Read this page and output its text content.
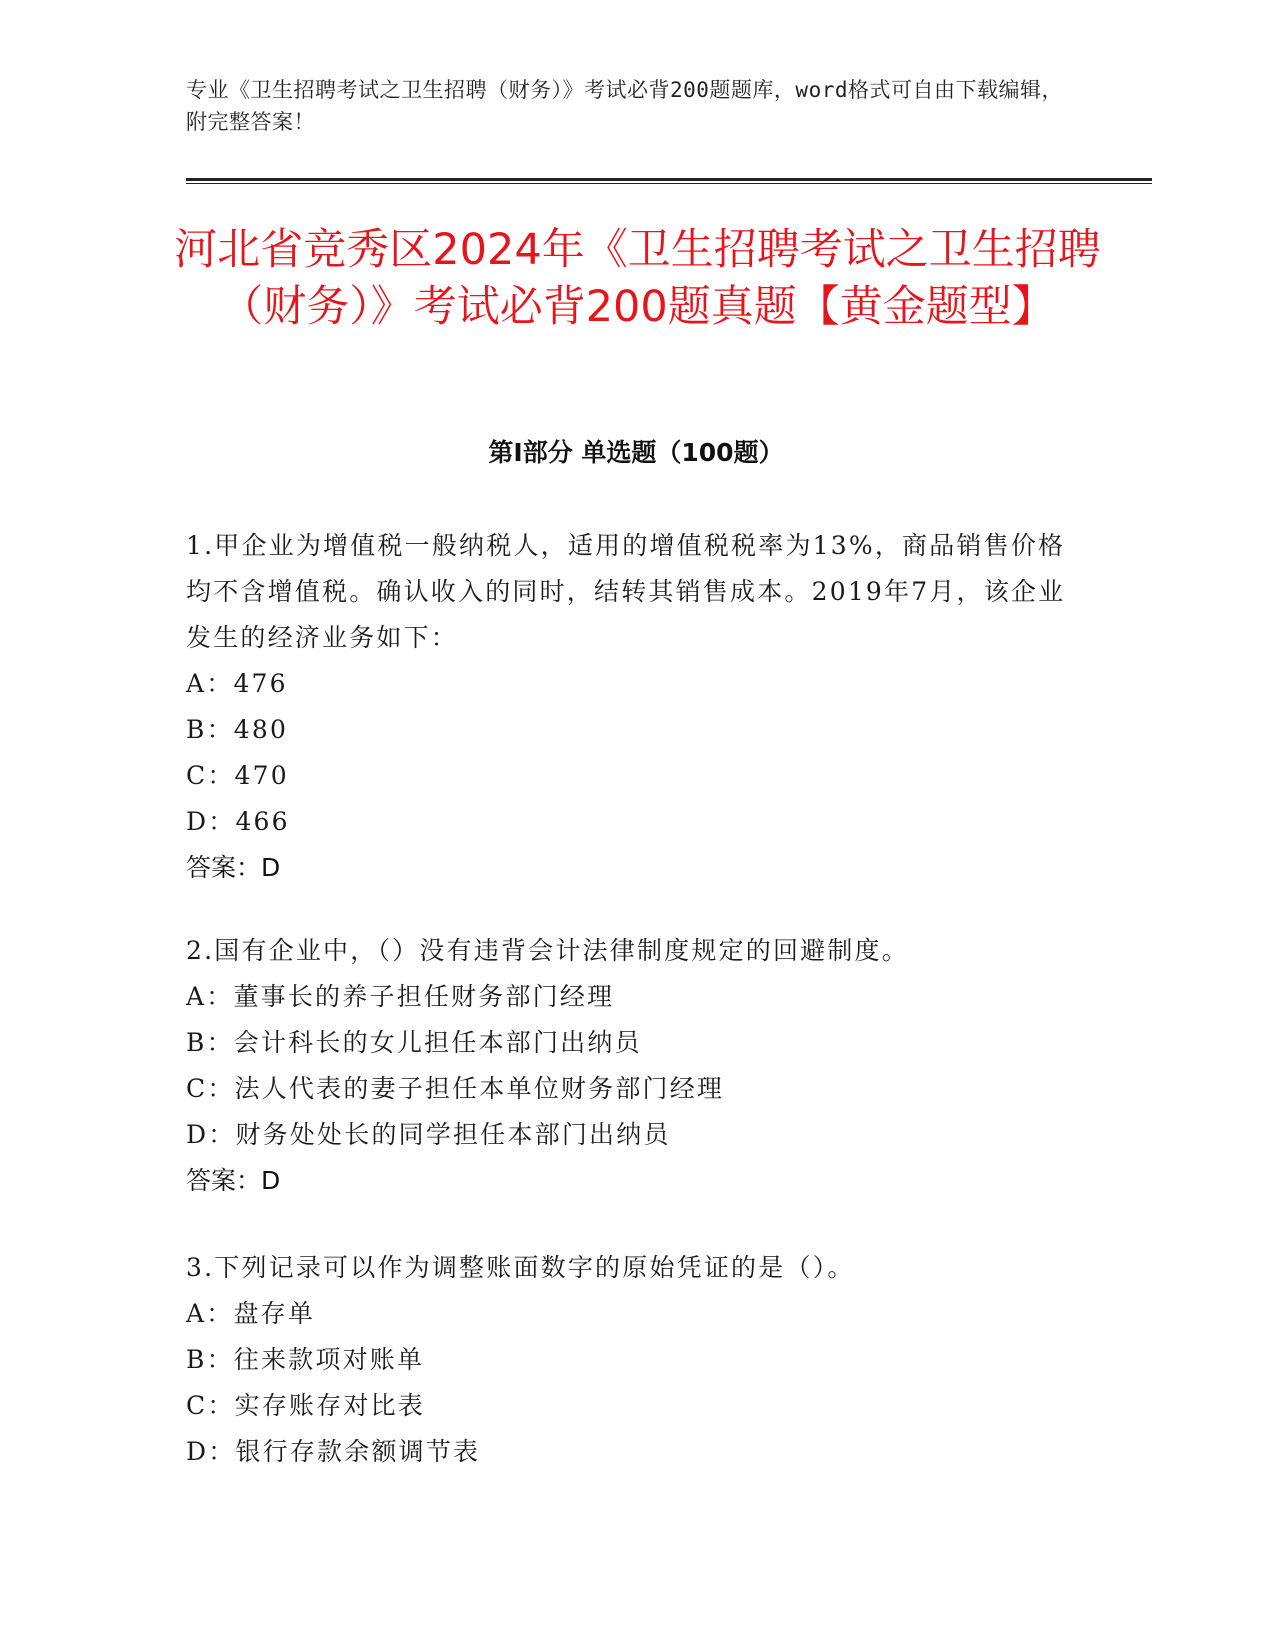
专业《卫生招聘考试之卫生招聘（财务）》考试必背200题题库，word格式可自由下载编辑，附完整答案！
河北省竞秀区2024年《卫生招聘考试之卫生招聘（财务）》考试必背200题真题【黄金题型】
第I部分 单选题（100题）

1.甲企业为增值税一般纳税人，适用的增值税税率为13%，商品销售价格均不含增值税。确认收入的同时，结转其销售成本。2019年7月，该企业发生的经济业务如下：

A：476

B：480

C：470

D：466

答案：D

2.国有企业中，（）没有违背会计法律制度规定的回避制度。

A：董事长的养子担任财务部门经理

B：会计科长的女儿担任本部门出纳员

C：法人代表的妻子担任本单位财务部门经理

D：财务处处长的同学担任本部门出纳员

答案：D

3.下列记录可以作为调整账面数字的原始凭证的是（）。

A：盘存单

B：往来款项对账单

C：实存账存对比表

D：银行存款余额调节表
